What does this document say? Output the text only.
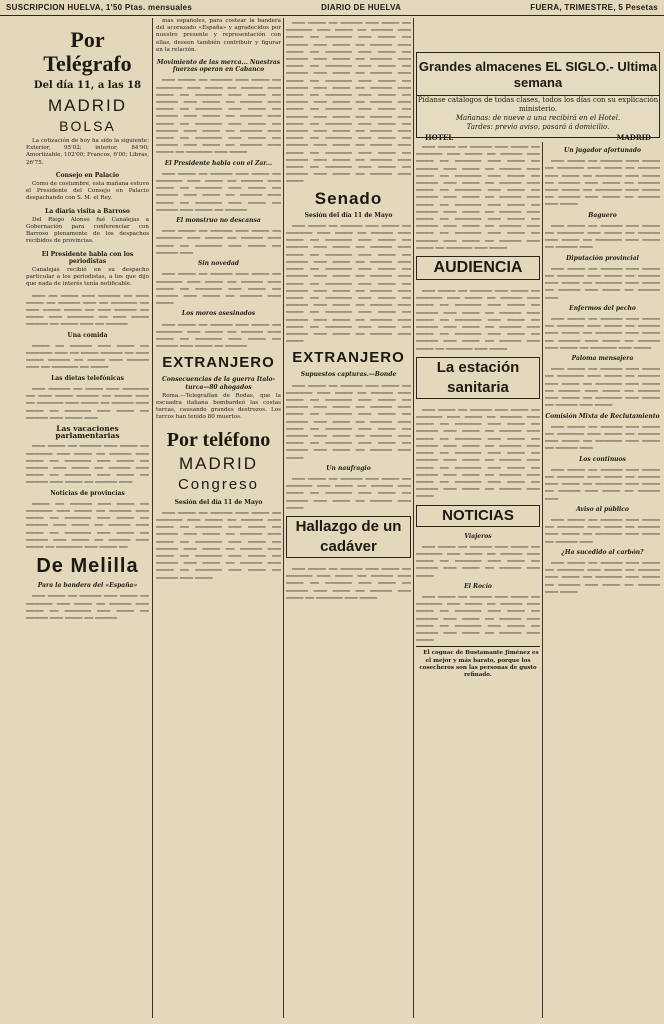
SUSCRIPCION HUELVA, 1'50 Ptas. mensuales	DIARIO DE HUELVA	FUERA, TRIMESTRE, 5 Pesetas
Por Telégrafo
Del día 11, a las 18
MADRID
BOLSA

La cotización de hoy ha sido la siguiente: Exterior, 95'02; interior, 84'90; Amortizable, 102'00; Francos, 6'00; Libras, 26'75.

Consejo en Palacio

Como de costumbre, esta mañana estuvo el Presidente del Consejo en Palacio despachando con S. M. el Rey.

La diaria visita a Barroso

Del Riego Alonso fué Canalejas a Gobernación para conferenciar con Barroso plenamente de los despachos recibidos de provincias.

El Presidente habla con los periodistas

Canalejas recibió en su despacho particular a los periodistas, a los que dijo que nada de interés tenía notificable.

▁▁▁ ▁▁ ▁▁▁▁ ▁▁▁ ▁▁▁▁▁ ▁▁ ▁▁▁ ▁▁▁▁ ▁▁ ▁▁▁▁▁ ▁▁▁ ▁▁ ▁▁▁▁▁▁ ▁▁ ▁▁▁ ▁▁▁▁ ▁▁▁▁ ▁▁ ▁▁▁ ▁▁▁▁▁ ▁▁ ▁▁▁▁ ▁▁▁ ▁▁▁▁▁▁ ▁▁ ▁▁▁ ▁▁▁▁ ▁▁▁▁▁ ▁▁ ▁▁▁▁ ▁▁▁ ▁▁ ▁▁▁▁▁

Una comida

▁▁▁▁ ▁▁ ▁▁▁▁▁ ▁▁▁ ▁▁▁▁ ▁▁ ▁▁▁▁▁▁ ▁▁▁ ▁▁ ▁▁▁▁ ▁▁▁▁▁ ▁▁ ▁▁▁ ▁▁▁▁ ▁▁▁▁▁ ▁▁ ▁▁▁▁ ▁▁▁ ▁▁▁▁▁ ▁▁▁ ▁▁ ▁▁▁▁▁▁ ▁▁ ▁▁▁▁

Las dietas telefónicas

▁▁▁ ▁▁▁▁▁ ▁▁ ▁▁▁▁ ▁▁▁ ▁▁▁▁▁▁ ▁▁ ▁▁▁ ▁▁▁▁ ▁▁▁▁▁ ▁▁ ▁▁▁▁ ▁▁▁ ▁▁ ▁▁▁▁▁▁ ▁▁▁ ▁▁▁▁ ▁▁ ▁▁▁▁▁ ▁▁▁ ▁▁▁▁ ▁▁ ▁▁▁▁▁▁ ▁▁▁ ▁▁▁▁ ▁▁ ▁▁▁▁▁ ▁▁▁ ▁▁▁▁ ▁▁▁

Las vacaciones parlamentarias

▁▁▁ ▁▁▁▁ ▁▁ ▁▁▁▁▁ ▁▁▁ ▁▁▁▁ ▁▁ ▁▁▁▁▁▁ ▁▁▁ ▁▁▁▁ ▁▁ ▁▁▁▁▁ ▁▁▁ ▁▁▁▁ ▁▁ ▁▁▁▁▁▁ ▁▁▁ ▁▁▁▁ ▁▁ ▁▁▁▁▁ ▁▁▁ ▁▁▁▁ ▁▁ ▁▁▁▁▁ ▁▁▁ ▁▁▁▁ ▁▁ ▁▁▁▁▁▁ ▁▁▁ ▁▁▁▁ ▁▁ ▁▁▁▁▁ ▁▁▁ ▁▁▁▁ ▁▁ ▁▁▁▁▁ ▁▁▁

Noticias de provincias

▁▁▁▁ ▁▁ ▁▁▁▁▁ ▁▁▁ ▁▁▁▁ ▁▁ ▁▁▁▁▁▁ ▁▁▁ ▁▁▁▁ ▁▁ ▁▁▁▁▁ ▁▁▁ ▁▁▁▁ ▁▁ ▁▁▁▁▁▁ ▁▁▁ ▁▁▁▁ ▁▁ ▁▁▁▁▁ ▁▁▁ ▁▁▁▁ ▁▁ ▁▁▁▁▁ ▁▁▁ ▁▁▁▁ ▁▁ ▁▁▁▁▁▁ ▁▁▁ ▁▁▁▁ ▁▁ ▁▁▁▁▁ ▁▁▁ ▁▁▁▁ ▁▁ ▁▁▁▁▁ ▁▁▁ ▁▁▁▁ ▁▁ ▁▁▁▁▁▁ ▁▁▁ ▁▁▁▁ ▁▁

De Melilla
Para la bandera del «España»

▁▁▁ ▁▁▁▁ ▁▁ ▁▁▁▁▁ ▁▁▁ ▁▁▁▁ ▁▁ ▁▁▁▁▁▁ ▁▁▁ ▁▁▁▁ ▁▁ ▁▁▁▁▁ ▁▁▁ ▁▁▁▁ ▁▁ ▁▁▁▁▁▁ ▁▁▁ ▁▁▁▁ ▁▁ ▁▁▁▁▁ ▁▁▁ ▁▁▁▁ ▁▁ ▁▁▁▁▁

mas españoles, para costear la bandera del acorazado «España» y agradecidos por nuestro presente y representación con ellas, deseen también contribuir y figurar en la relación.

Movimiento de las merca... Nuestras fuerzas operan en Cabanco

▁▁▁ ▁▁▁▁ ▁▁ ▁▁▁▁▁ ▁▁▁ ▁▁▁▁ ▁▁ ▁▁▁▁▁▁ ▁▁▁ ▁▁▁▁ ▁▁ ▁▁▁▁▁ ▁▁▁ ▁▁▁▁ ▁▁ ▁▁▁▁▁▁ ▁▁▁ ▁▁▁▁ ▁▁ ▁▁▁▁▁ ▁▁▁ ▁▁▁▁ ▁▁ ▁▁▁▁▁ ▁▁▁ ▁▁▁▁ ▁▁ ▁▁▁▁▁▁ ▁▁▁ ▁▁▁▁ ▁▁ ▁▁▁▁▁ ▁▁▁ ▁▁▁▁ ▁▁ ▁▁▁▁▁ ▁▁▁ ▁▁▁▁ ▁▁ ▁▁▁▁▁▁ ▁▁▁ ▁▁▁▁ ▁▁ ▁▁▁▁▁ ▁▁▁ ▁▁▁▁ ▁▁ ▁▁▁▁▁ ▁▁▁ ▁▁▁▁ ▁▁ ▁▁▁▁▁▁ ▁▁▁ ▁▁▁▁ ▁▁ ▁▁▁▁▁ ▁▁▁ ▁▁▁▁ ▁▁ ▁▁▁▁▁ ▁▁▁ ▁▁▁▁ ▁▁ ▁▁▁▁▁▁ ▁▁▁ ▁▁▁▁

El Presidente habla con el Zar...

▁▁▁ ▁▁▁▁ ▁▁ ▁▁▁▁▁ ▁▁▁ ▁▁▁▁ ▁▁ ▁▁▁▁▁▁ ▁▁▁ ▁▁▁▁ ▁▁ ▁▁▁▁▁ ▁▁▁ ▁▁▁▁ ▁▁ ▁▁▁▁▁▁ ▁▁▁ ▁▁▁▁ ▁▁ ▁▁▁▁▁ ▁▁▁ ▁▁▁▁ ▁▁ ▁▁▁▁▁ ▁▁▁ ▁▁▁▁ ▁▁ ▁▁▁▁▁▁ ▁▁▁ ▁▁▁▁ ▁▁ ▁▁▁▁▁ ▁▁▁ ▁▁▁▁ ▁▁ ▁▁▁▁▁

El monstruo no descansa

▁▁▁ ▁▁▁▁ ▁▁ ▁▁▁▁▁ ▁▁▁ ▁▁▁▁ ▁▁ ▁▁▁▁▁▁ ▁▁▁ ▁▁▁▁ ▁▁ ▁▁▁▁▁ ▁▁▁ ▁▁▁▁ ▁▁ ▁▁▁▁▁▁ ▁▁▁ ▁▁▁▁ ▁▁ ▁▁▁▁▁ ▁▁▁

Sin novedad

▁▁▁ ▁▁▁▁ ▁▁ ▁▁▁▁▁ ▁▁▁ ▁▁▁▁ ▁▁ ▁▁▁▁▁▁ ▁▁▁ ▁▁▁▁ ▁▁ ▁▁▁▁▁ ▁▁▁ ▁▁▁▁ ▁▁ ▁▁▁▁▁▁ ▁▁▁ ▁▁▁▁ ▁▁ ▁▁▁▁▁ ▁▁▁ ▁▁▁▁ ▁▁ ▁▁▁▁▁ ▁▁▁ ▁▁▁▁

Los moros asesinados

▁▁▁ ▁▁▁▁ ▁▁ ▁▁▁▁▁ ▁▁▁ ▁▁▁▁ ▁▁ ▁▁▁▁▁▁ ▁▁▁ ▁▁▁▁ ▁▁ ▁▁▁▁▁ ▁▁▁ ▁▁▁▁ ▁▁ ▁▁▁▁▁▁ ▁▁▁ ▁▁▁▁ ▁▁ ▁▁▁▁▁ ▁▁▁ ▁▁▁▁ ▁▁ ▁▁▁▁▁

EXTRANJERO
Consecuencias de la guerra Italo-turca—80 ahogados

Roma.—Telegrafían de Rodas, que la escuadra italiana bombardeó las costas turcas, causando grandes destrozos. Los turcos han tenido 80 muertos.

Por teléfono
MADRID
Congreso
Sesión del día 11 de Mayo

▁▁▁ ▁▁▁▁ ▁▁ ▁▁▁▁▁ ▁▁▁ ▁▁▁▁ ▁▁ ▁▁▁▁▁▁ ▁▁▁ ▁▁▁▁ ▁▁ ▁▁▁▁▁ ▁▁▁ ▁▁▁▁ ▁▁ ▁▁▁▁▁▁ ▁▁▁ ▁▁▁▁ ▁▁ ▁▁▁▁▁ ▁▁▁ ▁▁▁▁ ▁▁ ▁▁▁▁▁ ▁▁▁ ▁▁▁▁ ▁▁ ▁▁▁▁▁▁ ▁▁▁ ▁▁▁▁ ▁▁ ▁▁▁▁▁ ▁▁▁ ▁▁▁▁ ▁▁ ▁▁▁▁▁ ▁▁▁ ▁▁▁▁ ▁▁ ▁▁▁▁▁▁ ▁▁▁ ▁▁▁▁ ▁▁ ▁▁▁▁▁ ▁▁▁ ▁▁▁▁ ▁▁ ▁▁▁▁▁ ▁▁▁ ▁▁▁▁ ▁▁ ▁▁▁▁▁▁ ▁▁▁ ▁▁▁▁ ▁▁ ▁▁▁▁▁ ▁▁▁ ▁▁▁▁

▁▁▁ ▁▁▁▁ ▁▁ ▁▁▁▁▁ ▁▁▁ ▁▁▁▁ ▁▁ ▁▁▁▁▁▁ ▁▁▁ ▁▁▁▁ ▁▁ ▁▁▁▁▁ ▁▁▁ ▁▁▁▁ ▁▁ ▁▁▁▁▁▁ ▁▁▁ ▁▁▁▁ ▁▁ ▁▁▁▁▁ ▁▁▁ ▁▁▁▁ ▁▁ ▁▁▁▁▁ ▁▁▁ ▁▁▁▁ ▁▁ ▁▁▁▁▁▁ ▁▁▁ ▁▁▁▁ ▁▁ ▁▁▁▁▁ ▁▁▁ ▁▁▁▁ ▁▁ ▁▁▁▁▁ ▁▁▁ ▁▁▁▁ ▁▁ ▁▁▁▁▁▁ ▁▁▁ ▁▁▁▁ ▁▁ ▁▁▁▁▁ ▁▁▁ ▁▁▁▁ ▁▁ ▁▁▁▁▁ ▁▁▁ ▁▁▁▁ ▁▁ ▁▁▁▁▁▁ ▁▁▁ ▁▁▁▁ ▁▁ ▁▁▁▁▁ ▁▁▁ ▁▁▁▁ ▁▁ ▁▁▁▁▁ ▁▁▁ ▁▁▁▁ ▁▁ ▁▁▁▁▁▁ ▁▁▁ ▁▁▁▁ ▁▁ ▁▁▁▁▁ ▁▁▁ ▁▁▁▁ ▁▁ ▁▁▁▁▁ ▁▁▁ ▁▁▁▁ ▁▁ ▁▁▁▁▁▁ ▁▁▁ ▁▁▁▁ ▁▁ ▁▁▁▁▁ ▁▁▁ ▁▁▁▁ ▁▁ ▁▁▁▁▁ ▁▁▁ ▁▁▁▁ ▁▁ ▁▁▁▁▁▁ ▁▁▁ ▁▁▁▁ ▁▁ ▁▁▁▁▁ ▁▁▁ ▁▁▁▁ ▁▁ ▁▁▁▁▁ ▁▁▁ ▁▁▁▁ ▁▁ ▁▁▁▁▁▁ ▁▁▁ ▁▁▁▁ ▁▁ ▁▁▁▁▁ ▁▁▁ ▁▁▁▁ ▁▁ ▁▁▁▁▁ ▁▁▁ ▁▁▁▁ ▁▁ ▁▁▁▁▁▁ ▁▁▁ ▁▁▁▁ ▁▁ ▁▁▁▁▁ ▁▁▁ ▁▁▁▁ ▁▁ ▁▁▁▁▁ ▁▁▁ ▁▁▁▁ ▁▁ ▁▁▁▁▁▁ ▁▁▁ ▁▁▁▁ ▁▁ ▁▁▁▁▁ ▁▁▁ ▁▁▁▁ ▁▁ ▁▁▁▁▁ ▁▁▁ ▁▁▁▁

Senado
Sesión del día 11 de Mayo

▁▁▁ ▁▁▁▁ ▁▁ ▁▁▁▁▁ ▁▁▁ ▁▁▁▁ ▁▁ ▁▁▁▁▁▁ ▁▁▁ ▁▁▁▁ ▁▁ ▁▁▁▁▁ ▁▁▁ ▁▁▁▁ ▁▁ ▁▁▁▁▁▁ ▁▁▁ ▁▁▁▁ ▁▁ ▁▁▁▁▁ ▁▁▁ ▁▁▁▁ ▁▁ ▁▁▁▁▁ ▁▁▁ ▁▁▁▁ ▁▁ ▁▁▁▁▁▁ ▁▁▁ ▁▁▁▁ ▁▁ ▁▁▁▁▁ ▁▁▁ ▁▁▁▁ ▁▁ ▁▁▁▁▁ ▁▁▁ ▁▁▁▁ ▁▁ ▁▁▁▁▁▁ ▁▁▁ ▁▁▁▁ ▁▁ ▁▁▁▁▁ ▁▁▁ ▁▁▁▁ ▁▁ ▁▁▁▁▁ ▁▁▁ ▁▁▁▁ ▁▁ ▁▁▁▁▁▁ ▁▁▁ ▁▁▁▁ ▁▁ ▁▁▁▁▁ ▁▁▁ ▁▁▁▁ ▁▁ ▁▁▁▁▁ ▁▁▁ ▁▁▁▁ ▁▁ ▁▁▁▁▁▁ ▁▁▁ ▁▁▁▁ ▁▁ ▁▁▁▁▁ ▁▁▁ ▁▁▁▁ ▁▁ ▁▁▁▁▁ ▁▁▁ ▁▁▁▁ ▁▁ ▁▁▁▁▁▁ ▁▁▁ ▁▁▁▁ ▁▁ ▁▁▁▁▁ ▁▁▁ ▁▁▁▁ ▁▁ ▁▁▁▁▁ ▁▁▁ ▁▁▁▁ ▁▁ ▁▁▁▁▁▁ ▁▁▁ ▁▁▁▁ ▁▁ ▁▁▁▁▁ ▁▁▁ ▁▁▁▁ ▁▁ ▁▁▁▁▁ ▁▁▁ ▁▁▁▁

EXTRANJERO
Supuestos capturas.—Bonde

▁▁▁ ▁▁▁▁ ▁▁ ▁▁▁▁▁ ▁▁▁ ▁▁▁▁ ▁▁ ▁▁▁▁▁▁ ▁▁▁ ▁▁▁▁ ▁▁ ▁▁▁▁▁ ▁▁▁ ▁▁▁▁ ▁▁ ▁▁▁▁▁▁ ▁▁▁ ▁▁▁▁ ▁▁ ▁▁▁▁▁ ▁▁▁ ▁▁▁▁ ▁▁ ▁▁▁▁▁ ▁▁▁ ▁▁▁▁ ▁▁ ▁▁▁▁▁▁ ▁▁▁ ▁▁▁▁ ▁▁ ▁▁▁▁▁ ▁▁▁ ▁▁▁▁ ▁▁ ▁▁▁▁▁ ▁▁▁ ▁▁▁▁ ▁▁ ▁▁▁▁▁▁ ▁▁▁ ▁▁▁▁ ▁▁ ▁▁▁▁▁ ▁▁▁ ▁▁▁▁ ▁▁ ▁▁▁▁▁ ▁▁▁ ▁▁▁▁ ▁▁ ▁▁▁▁▁▁ ▁▁▁ ▁▁▁▁ ▁▁ ▁▁▁▁▁ ▁▁▁ ▁▁▁▁ ▁▁ ▁▁▁▁▁ ▁▁▁ ▁▁▁▁

Un naufragio

▁▁▁ ▁▁▁▁ ▁▁ ▁▁▁▁▁ ▁▁▁ ▁▁▁▁ ▁▁ ▁▁▁▁▁▁ ▁▁▁ ▁▁▁▁ ▁▁ ▁▁▁▁▁ ▁▁▁ ▁▁▁▁ ▁▁ ▁▁▁▁▁▁ ▁▁▁ ▁▁▁▁ ▁▁ ▁▁▁▁▁ ▁▁▁ ▁▁▁▁ ▁▁ ▁▁▁▁▁ ▁▁▁ ▁▁▁▁

Hallazgo de un cadáver

▁▁▁ ▁▁▁▁ ▁▁ ▁▁▁▁▁ ▁▁▁ ▁▁▁▁ ▁▁ ▁▁▁▁▁▁ ▁▁▁ ▁▁▁▁ ▁▁ ▁▁▁▁▁ ▁▁▁ ▁▁▁▁ ▁▁ ▁▁▁▁▁▁ ▁▁▁ ▁▁▁▁ ▁▁ ▁▁▁▁▁ ▁▁▁ ▁▁▁▁ ▁▁ ▁▁▁▁▁ ▁▁▁ ▁▁▁▁ ▁▁ ▁▁▁▁▁▁ ▁▁▁ ▁▁▁▁

Grandes almacenes EL SIGLO.- Ultima semana
Pídanse catálogos de todas clases, todos los días con su explicación ministerio.
Mañanas: de nueve a una recibirá en el Hotel.
Tardes: previo aviso, pasará á domicilio.
HOTEL	MADRID

▁▁▁ ▁▁▁▁ ▁▁ ▁▁▁▁▁ ▁▁▁ ▁▁▁▁ ▁▁ ▁▁▁▁▁▁ ▁▁▁ ▁▁▁▁ ▁▁ ▁▁▁▁▁ ▁▁▁ ▁▁▁▁ ▁▁ ▁▁▁▁▁▁ ▁▁▁ ▁▁▁▁ ▁▁ ▁▁▁▁▁ ▁▁▁ ▁▁▁▁ ▁▁ ▁▁▁▁▁ ▁▁▁ ▁▁▁▁ ▁▁ ▁▁▁▁▁▁ ▁▁▁ ▁▁▁▁ ▁▁ ▁▁▁▁▁ ▁▁▁ ▁▁▁▁ ▁▁ ▁▁▁▁▁ ▁▁▁ ▁▁▁▁ ▁▁ ▁▁▁▁▁▁ ▁▁▁ ▁▁▁▁ ▁▁ ▁▁▁▁▁ ▁▁▁ ▁▁▁▁ ▁▁ ▁▁▁▁▁ ▁▁▁ ▁▁▁▁ ▁▁ ▁▁▁▁▁▁ ▁▁▁ ▁▁▁▁ ▁▁ ▁▁▁▁▁ ▁▁▁ ▁▁▁▁ ▁▁ ▁▁▁▁▁ ▁▁▁ ▁▁▁▁ ▁▁ ▁▁▁▁▁▁ ▁▁▁ ▁▁▁▁ ▁▁ ▁▁▁▁▁ ▁▁▁ ▁▁▁▁ ▁▁ ▁▁▁▁▁ ▁▁▁ ▁▁▁▁ ▁▁ ▁▁▁▁▁▁ ▁▁▁ ▁▁▁▁ ▁▁ ▁▁▁▁▁ ▁▁▁ ▁▁▁▁ ▁▁ ▁▁▁▁▁ ▁▁▁ ▁▁▁▁ ▁▁ ▁▁▁▁▁▁ ▁▁▁ ▁▁▁▁

AUDIENCIA

▁▁▁ ▁▁▁▁ ▁▁ ▁▁▁▁▁ ▁▁▁ ▁▁▁▁ ▁▁ ▁▁▁▁▁▁ ▁▁▁ ▁▁▁▁ ▁▁ ▁▁▁▁▁ ▁▁▁ ▁▁▁▁ ▁▁ ▁▁▁▁▁▁ ▁▁▁ ▁▁▁▁ ▁▁ ▁▁▁▁▁ ▁▁▁ ▁▁▁▁ ▁▁ ▁▁▁▁▁ ▁▁▁ ▁▁▁▁ ▁▁ ▁▁▁▁▁▁ ▁▁▁ ▁▁▁▁ ▁▁ ▁▁▁▁▁ ▁▁▁ ▁▁▁▁ ▁▁ ▁▁▁▁▁ ▁▁▁ ▁▁▁▁ ▁▁ ▁▁▁▁▁▁ ▁▁▁ ▁▁▁▁ ▁▁ ▁▁▁▁▁ ▁▁▁ ▁▁▁▁ ▁▁ ▁▁▁▁▁ ▁▁▁ ▁▁▁▁ ▁▁ ▁▁▁▁▁▁ ▁▁▁ ▁▁▁▁

La estación sanitaria

▁▁▁ ▁▁▁▁ ▁▁ ▁▁▁▁▁ ▁▁▁ ▁▁▁▁ ▁▁ ▁▁▁▁▁▁ ▁▁▁ ▁▁▁▁ ▁▁ ▁▁▁▁▁ ▁▁▁ ▁▁▁▁ ▁▁ ▁▁▁▁▁▁ ▁▁▁ ▁▁▁▁ ▁▁ ▁▁▁▁▁ ▁▁▁ ▁▁▁▁ ▁▁ ▁▁▁▁▁ ▁▁▁ ▁▁▁▁ ▁▁ ▁▁▁▁▁▁ ▁▁▁ ▁▁▁▁ ▁▁ ▁▁▁▁▁ ▁▁▁ ▁▁▁▁ ▁▁ ▁▁▁▁▁ ▁▁▁ ▁▁▁▁ ▁▁ ▁▁▁▁▁▁ ▁▁▁ ▁▁▁▁ ▁▁ ▁▁▁▁▁ ▁▁▁ ▁▁▁▁ ▁▁ ▁▁▁▁▁ ▁▁▁ ▁▁▁▁ ▁▁ ▁▁▁▁▁▁ ▁▁▁ ▁▁▁▁ ▁▁ ▁▁▁▁▁ ▁▁▁ ▁▁▁▁ ▁▁ ▁▁▁▁▁ ▁▁▁ ▁▁▁▁ ▁▁ ▁▁▁▁▁▁ ▁▁▁ ▁▁▁▁ ▁▁ ▁▁▁▁▁ ▁▁▁ ▁▁▁▁ ▁▁ ▁▁▁▁▁ ▁▁▁ ▁▁▁▁

NOTICIAS
Viajeros

▁▁▁ ▁▁▁▁ ▁▁ ▁▁▁▁▁ ▁▁▁ ▁▁▁▁ ▁▁ ▁▁▁▁▁▁ ▁▁▁ ▁▁▁▁ ▁▁ ▁▁▁▁▁ ▁▁▁ ▁▁▁▁ ▁▁ ▁▁▁▁▁▁ ▁▁▁ ▁▁▁▁ ▁▁ ▁▁▁▁▁ ▁▁▁ ▁▁▁▁ ▁▁ ▁▁▁▁▁ ▁▁▁ ▁▁▁▁

El Rocío

▁▁▁ ▁▁▁▁ ▁▁ ▁▁▁▁▁ ▁▁▁ ▁▁▁▁ ▁▁ ▁▁▁▁▁▁ ▁▁▁ ▁▁▁▁ ▁▁ ▁▁▁▁▁ ▁▁▁ ▁▁▁▁ ▁▁ ▁▁▁▁▁▁ ▁▁▁ ▁▁▁▁ ▁▁ ▁▁▁▁▁ ▁▁▁ ▁▁▁▁ ▁▁ ▁▁▁▁▁ ▁▁▁ ▁▁▁▁ ▁▁ ▁▁▁▁▁▁ ▁▁▁ ▁▁▁▁ ▁▁ ▁▁▁▁▁ ▁▁▁ ▁▁▁▁ ▁▁ ▁▁▁▁▁ ▁▁▁ ▁▁▁▁

El cognac de Bustamante Jiménez es el mejor y más barato, porque los cosecheros son las personas de gusto refinado.

Un jugador afortunado

▁▁▁ ▁▁▁▁ ▁▁ ▁▁▁▁▁ ▁▁▁ ▁▁▁▁ ▁▁ ▁▁▁▁▁▁ ▁▁▁ ▁▁▁▁ ▁▁ ▁▁▁▁▁ ▁▁▁ ▁▁▁▁ ▁▁ ▁▁▁▁▁▁ ▁▁▁ ▁▁▁▁ ▁▁ ▁▁▁▁▁ ▁▁▁ ▁▁▁▁ ▁▁ ▁▁▁▁▁ ▁▁▁ ▁▁▁▁ ▁▁ ▁▁▁▁▁▁ ▁▁▁ ▁▁▁▁ ▁▁ ▁▁▁▁▁ ▁▁▁ ▁▁▁▁ ▁▁ ▁▁▁▁▁ ▁▁▁ ▁▁▁▁

Baguero

▁▁▁ ▁▁▁▁ ▁▁ ▁▁▁▁▁ ▁▁▁ ▁▁▁▁ ▁▁ ▁▁▁▁▁▁ ▁▁▁ ▁▁▁▁ ▁▁ ▁▁▁▁▁ ▁▁▁ ▁▁▁▁ ▁▁ ▁▁▁▁▁▁ ▁▁▁ ▁▁▁▁ ▁▁ ▁▁▁▁▁ ▁▁▁

Diputación provincial

▁▁▁ ▁▁▁▁ ▁▁ ▁▁▁▁▁ ▁▁▁ ▁▁▁▁ ▁▁ ▁▁▁▁▁▁ ▁▁▁ ▁▁▁▁ ▁▁ ▁▁▁▁▁ ▁▁▁ ▁▁▁▁ ▁▁ ▁▁▁▁▁▁ ▁▁▁ ▁▁▁▁ ▁▁ ▁▁▁▁▁ ▁▁▁ ▁▁▁▁ ▁▁ ▁▁▁▁▁ ▁▁▁

Enfermos del pecho

▁▁▁ ▁▁▁▁ ▁▁ ▁▁▁▁▁ ▁▁▁ ▁▁▁▁ ▁▁ ▁▁▁▁▁▁ ▁▁▁ ▁▁▁▁ ▁▁ ▁▁▁▁▁ ▁▁▁ ▁▁▁▁ ▁▁ ▁▁▁▁▁▁ ▁▁▁ ▁▁▁▁ ▁▁ ▁▁▁▁▁ ▁▁▁ ▁▁▁▁ ▁▁ ▁▁▁▁▁ ▁▁▁ ▁▁▁▁ ▁▁ ▁▁▁▁▁▁ ▁▁▁ ▁▁▁▁

Paloma mensajera

▁▁▁ ▁▁▁▁ ▁▁ ▁▁▁▁▁ ▁▁▁ ▁▁▁▁ ▁▁ ▁▁▁▁▁▁ ▁▁▁ ▁▁▁▁ ▁▁ ▁▁▁▁▁ ▁▁▁ ▁▁▁▁ ▁▁ ▁▁▁▁▁▁ ▁▁▁ ▁▁▁▁ ▁▁ ▁▁▁▁▁ ▁▁▁ ▁▁▁▁ ▁▁ ▁▁▁▁▁ ▁▁▁ ▁▁▁▁ ▁▁ ▁▁▁▁▁▁ ▁▁▁ ▁▁▁▁ ▁▁ ▁▁▁▁▁ ▁▁▁ ▁▁▁▁

Comisión Mixta de Reclutamiento

▁▁▁ ▁▁▁▁ ▁▁ ▁▁▁▁▁ ▁▁▁ ▁▁▁▁ ▁▁ ▁▁▁▁▁▁ ▁▁▁ ▁▁▁▁ ▁▁ ▁▁▁▁▁ ▁▁▁ ▁▁▁▁ ▁▁ ▁▁▁▁▁▁ ▁▁▁ ▁▁▁▁ ▁▁ ▁▁▁▁▁ ▁▁▁

Los continuos

▁▁▁ ▁▁▁▁ ▁▁ ▁▁▁▁▁ ▁▁▁ ▁▁▁▁ ▁▁ ▁▁▁▁▁▁ ▁▁▁ ▁▁▁▁ ▁▁ ▁▁▁▁▁ ▁▁▁ ▁▁▁▁ ▁▁ ▁▁▁▁▁▁ ▁▁▁ ▁▁▁▁ ▁▁ ▁▁▁▁▁ ▁▁▁ ▁▁▁▁ ▁▁ ▁▁▁▁▁ ▁▁▁

Aviso al público

▁▁▁ ▁▁▁▁ ▁▁ ▁▁▁▁▁ ▁▁▁ ▁▁▁▁ ▁▁ ▁▁▁▁▁▁ ▁▁▁ ▁▁▁▁ ▁▁ ▁▁▁▁▁ ▁▁▁ ▁▁▁▁ ▁▁ ▁▁▁▁▁▁ ▁▁▁ ▁▁▁▁ ▁▁ ▁▁▁▁▁ ▁▁▁

¿Ha sucedido al carbón?

▁▁▁ ▁▁▁▁ ▁▁ ▁▁▁▁▁ ▁▁▁ ▁▁▁▁ ▁▁ ▁▁▁▁▁▁ ▁▁▁ ▁▁▁▁ ▁▁ ▁▁▁▁▁ ▁▁▁ ▁▁▁▁ ▁▁ ▁▁▁▁▁▁ ▁▁▁ ▁▁▁▁ ▁▁ ▁▁▁▁▁ ▁▁▁ ▁▁▁▁ ▁▁ ▁▁▁▁▁ ▁▁▁ ▁▁▁▁
